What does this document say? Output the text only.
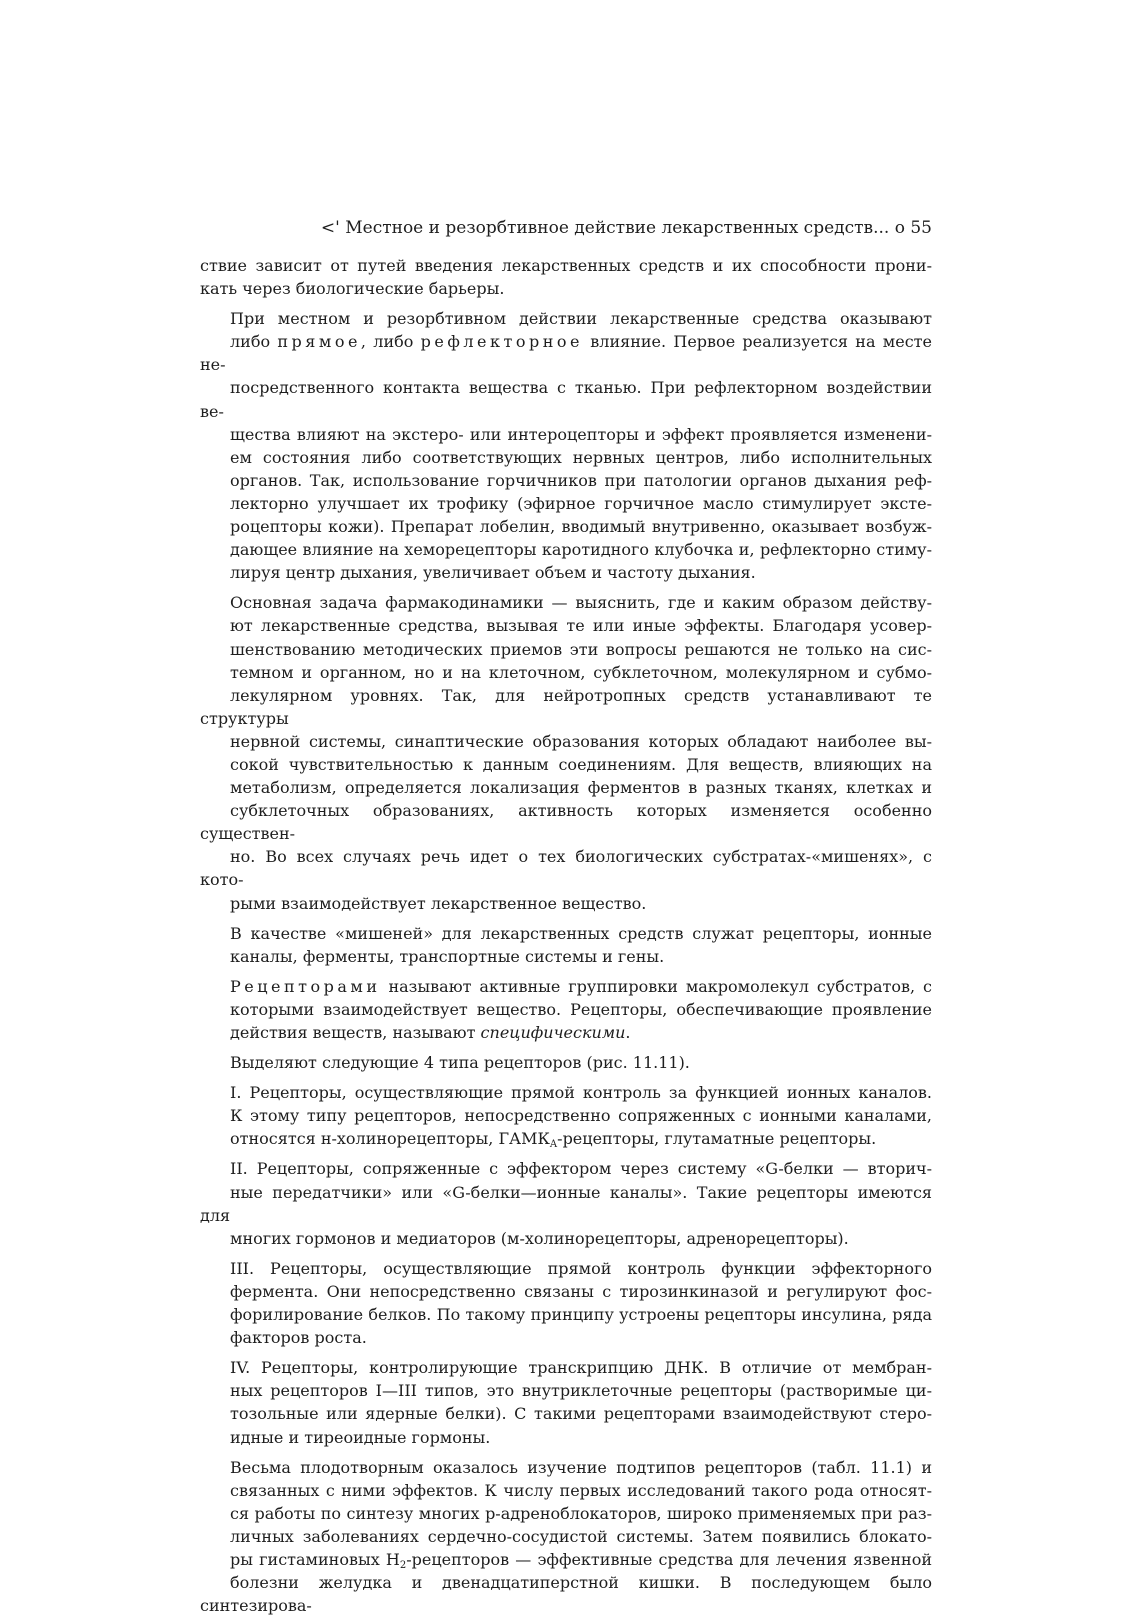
<' Местное и резорбтивное действие лекарственных средств... о 55

ствие зависит от путей введения лекарственных средств и их способности прони-
кать через биологические барьеры.

При местном и резорбтивном действии лекарственные средства оказывают
либо прямое, либо рефлекторное влияние. Первое реализуется на месте не-
посредственного контакта вещества с тканью. При рефлекторном воздействии ве-
щества влияют на экстеро- или интероцепторы и эффект проявляется изменени-
ем состояния либо соответствующих нервных центров, либо исполнительных
органов. Так, использование горчичников при патологии органов дыхания реф-
лекторно улучшает их трофику (эфирное горчичное масло стимулирует эксте-
роцепторы кожи). Препарат лобелин, вводимый внутривенно, оказывает возбуж-
дающее влияние на хеморецепторы каротидного клубочка и, рефлекторно стиму-
лируя центр дыхания, увеличивает объем и частоту дыхания.

Основная задача фармакодинамики — выяснить, где и каким образом действу-
ют лекарственные средства, вызывая те или иные эффекты. Благодаря усовер-
шенствованию методических приемов эти вопросы решаются не только на сис-
темном и органном, но и на клеточном, субклеточном, молекулярном и субмо-
лекулярном уровнях. Так, для нейротропных средств устанавливают те структуры
нервной системы, синаптические образования которых обладают наиболее вы-
сокой чувствительностью к данным соединениям. Для веществ, влияющих на
метаболизм, определяется локализация ферментов в разных тканях, клетках и
субклеточных образованиях, активность которых изменяется особенно существен-
но. Во всех случаях речь идет о тех биологических субстратах-«мишенях», с кото-
рыми взаимодействует лекарственное вещество.

В качестве «мишеней» для лекарственных средств служат рецепторы, ионные
каналы, ферменты, транспортные системы и гены.

Рецепторами называют активные группировки макромолекул субстратов, с
которыми взаимодействует вещество. Рецепторы, обеспечивающие проявление
действия веществ, называют специфическими.

Выделяют следующие 4 типа рецепторов (рис. 11.11).

I. Рецепторы, осуществляющие прямой контроль за функцией ионных каналов.
К этому типу рецепторов, непосредственно сопряженных с ионными каналами,
относятся н-холинорецепторы, $ГАМК_A$-рецепторы, глутаматные рецепторы.

II. Рецепторы, сопряженные с эффектором через систему «G-белки — вторич-
ные передатчики» или «G-белки—ионные каналы». Такие рецепторы имеются для
многих гормонов и медиаторов (м-холинорецепторы, адренорецепторы).

III. Рецепторы, осуществляющие прямой контроль функции эффекторного
фермента. Они непосредственно связаны с тирозинкиназой и регулируют фос-
форилирование белков. По такому принципу устроены рецепторы инсулина, ряда
факторов роста.

IV. Рецепторы, контролирующие транскрипцию ДНК. В отличие от мембран-
ных рецепторов I—III типов, это внутриклеточные рецепторы (растворимые ци-
тозольные или ядерные белки). С такими рецепторами взаимодействуют стеро-
идные и тиреоидные гормоны.

Весьма плодотворным оказалось изучение подтипов рецепторов (табл. 11.1) и
связанных с ними эффектов. К числу первых исследований такого рода относят-
ся работы по синтезу многих р-адреноблокаторов, широко применяемых при раз-
личных заболеваниях сердечно-сосудистой системы. Затем появились блокато-
ры гистаминовых $Н_2$-рецепторов — эффективные средства для лечения язвенной
болезни желудка и двенадцатиперстной кишки. В последующем было синтезирова-
